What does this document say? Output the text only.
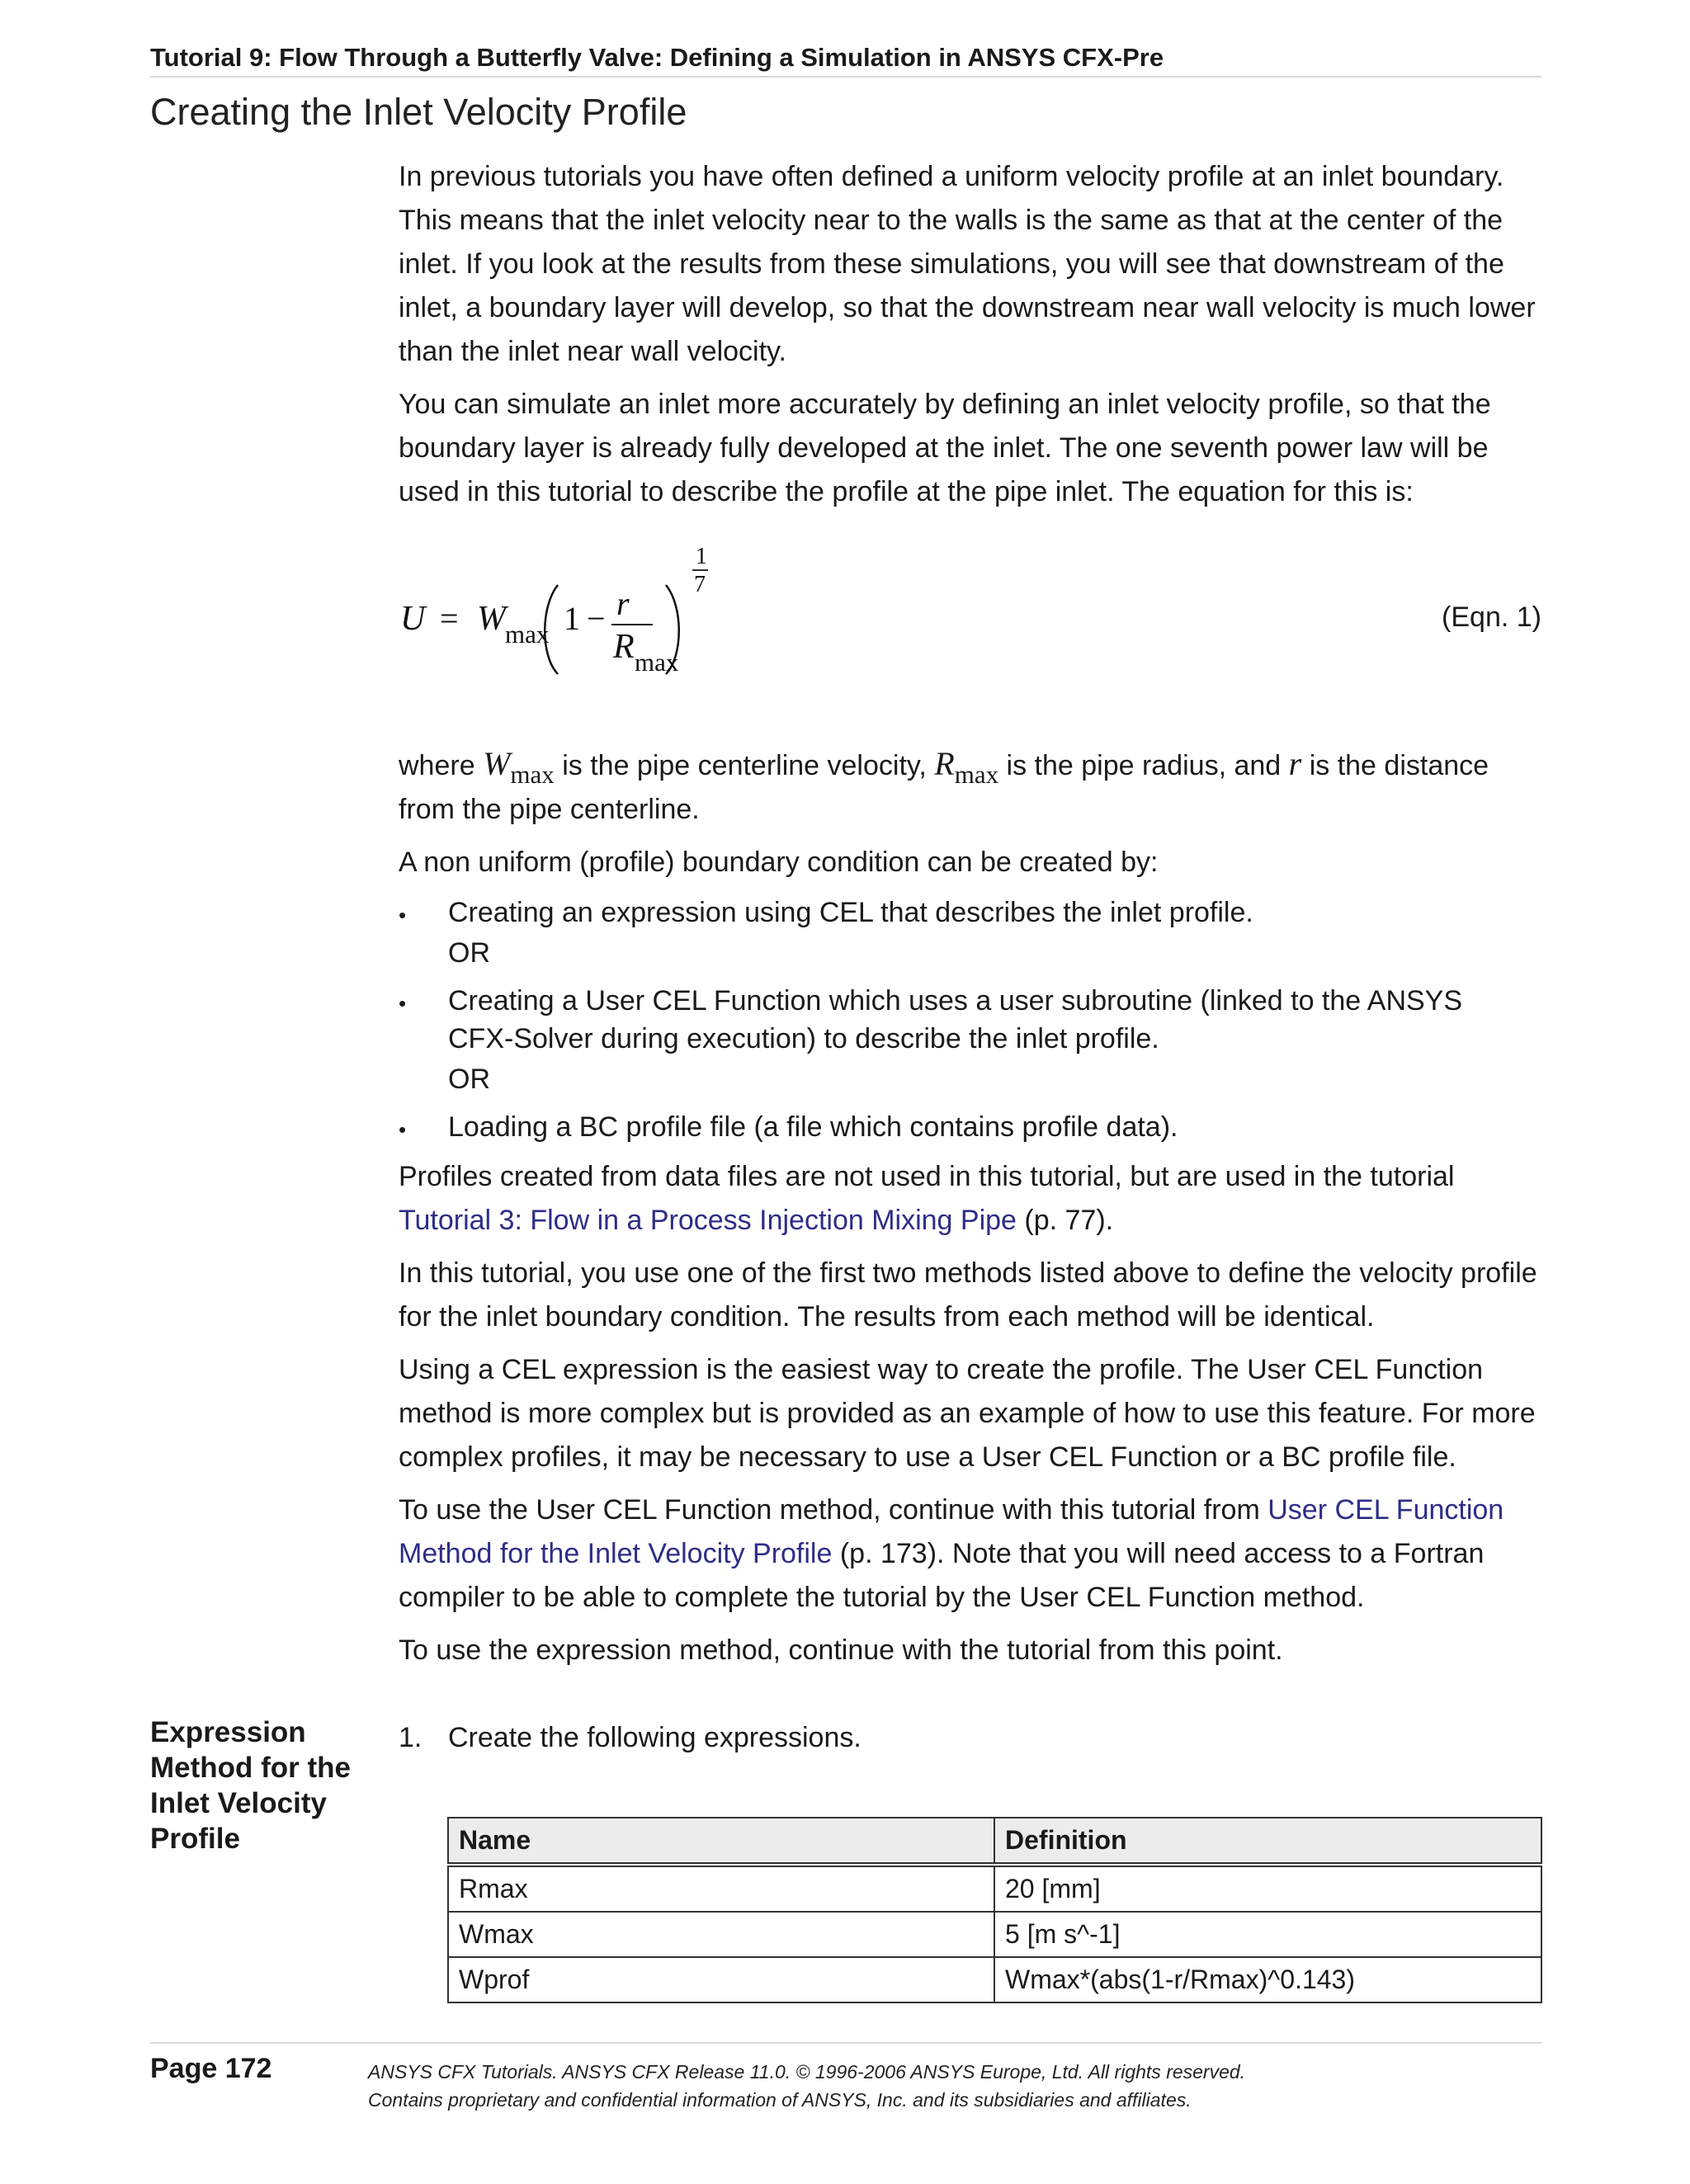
Tutorial 9: Flow Through a Butterfly Valve: Defining a Simulation in ANSYS CFX-Pre
Creating the Inlet Velocity Profile

In previous tutorials you have often defined a uniform velocity profile at an inlet boundary. This means that the inlet velocity near to the walls is the same as that at the center of the inlet. If you look at the results from these simulations, you will see that downstream of the inlet, a boundary layer will develop, so that the downstream near wall velocity is much lower than the inlet near wall velocity.

You can simulate an inlet more accurately by defining an inlet velocity profile, so that the boundary layer is already fully developed at the inlet. The one seventh power law will be used in this tutorial to describe the profile at the pipe inlet. The equation for this is:

U = W max 1 − r
R max
1
7
(Eqn. 1)

where Wmax is the pipe centerline velocity, Rmax is the pipe radius, and r is the distance from the pipe centerline.

A non uniform (profile) boundary condition can be created by:

• Creating an expression using CEL that describes the inlet profile.
OR
• Creating a User CEL Function which uses a user subroutine (linked to the ANSYS
CFX-Solver during execution) to describe the inlet profile.
OR
• Loading a BC profile file (a file which contains profile data).

Profiles created from data files are not used in this tutorial, but are used in the tutorial Tutorial 3: Flow in a Process Injection Mixing Pipe (p. 77).

In this tutorial, you use one of the first two methods listed above to define the velocity profile for the inlet boundary condition. The results from each method will be identical.

Using a CEL expression is the easiest way to create the profile. The User CEL Function method is more complex but is provided as an example of how to use this feature. For more complex profiles, it may be necessary to use a User CEL Function or a BC profile file.

To use the User CEL Function method, continue with this tutorial from User CEL Function Method for the Inlet Velocity Profile (p. 173). Note that you will need access to a Fortran compiler to be able to complete the tutorial by the User CEL Function method.

To use the expression method, continue with the tutorial from this point.

Expression Method for the Inlet Velocity Profile
1. Create the following expressions.
Name	Definition
Rmax	20 [mm]
Wmax	5 [m s^-1]
Wprof	Wmax*(abs(1-r/Rmax)^0.143)
Page 172	ANSYS CFX Tutorials. ANSYS CFX Release 11.0. © 1996-2006 ANSYS Europe, Ltd. All rights reserved.
Contains proprietary and confidential information of ANSYS, Inc. and its subsidiaries and affiliates.
